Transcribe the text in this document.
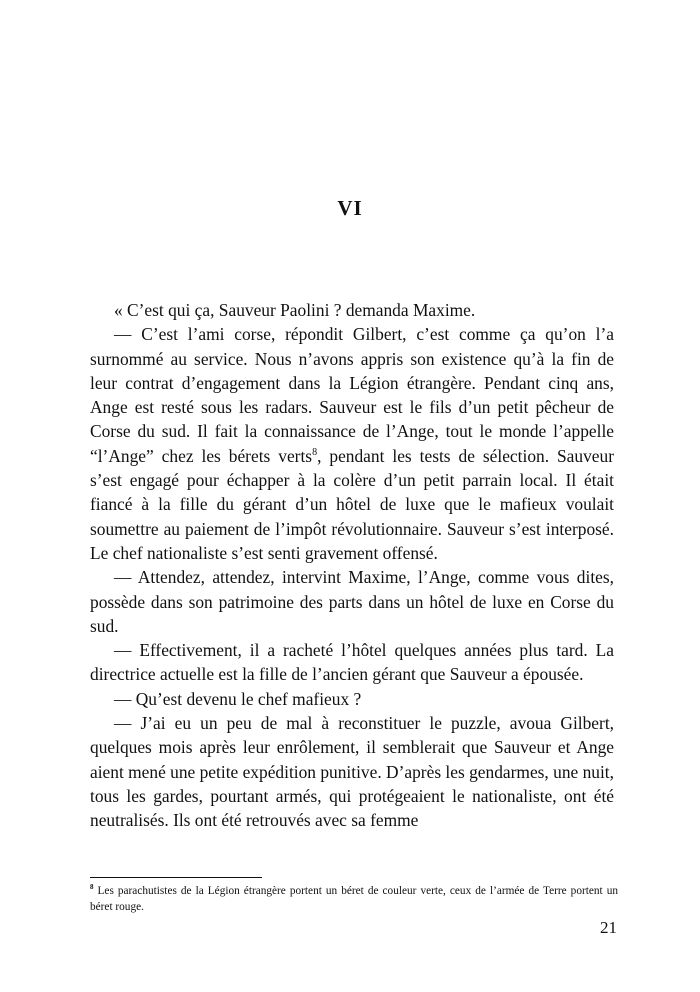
VI

« C’est qui ça, Sauveur Paolini ? demanda Maxime.

— C’est l’ami corse, répondit Gilbert, c’est comme ça qu’on l’a surnommé au service. Nous n’avons appris son existence qu’à la fin de leur contrat d’engagement dans la Légion étrangère. Pendant cinq ans, Ange est resté sous les radars. Sauveur est le fils d’un petit pêcheur de Corse du sud. Il fait la connaissance de l’Ange, tout le monde l’appelle “l’Ange” chez les bérets verts$^8$, pendant les tests de sélection. Sauveur s’est engagé pour échapper à la colère d’un petit parrain local. Il était fiancé à la fille du gérant d’un hôtel de luxe que le mafieux voulait soumettre au paiement de l’impôt révolutionnaire. Sauveur s’est interposé. Le chef nationaliste s’est senti gravement offensé.

— Attendez, attendez, intervint Maxime, l’Ange, comme vous dites, possède dans son patrimoine des parts dans un hôtel de luxe en Corse du sud.

— Effectivement, il a racheté l’hôtel quelques années plus tard. La directrice actuelle est la fille de l’ancien gérant que Sauveur a épousée.

— Qu’est devenu le chef mafieux ?

— J’ai eu un peu de mal à reconstituer le puzzle, avoua Gilbert, quelques mois après leur enrôlement, il semblerait que Sauveur et Ange aient mené une petite expédition punitive. D’après les gendarmes, une nuit, tous les gardes, pourtant armés, qui protégeaient le nationaliste, ont été neutralisés. Ils ont été retrouvés avec sa femme

$^8$ Les parachutistes de la Légion étrangère portent un béret de couleur verte, ceux de l’armée de Terre portent un béret rouge.
21
